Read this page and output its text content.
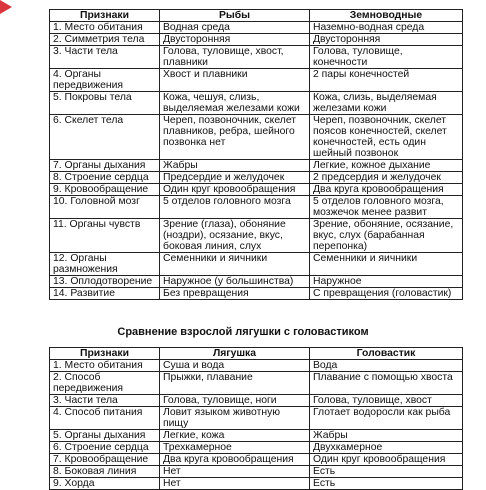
Признаки	Рыбы	Земноводные
1. Место обитания	Водная среда	Наземно-водная среда
2. Симметрия тела	Двусторонняя	Двусторонняя
3. Части тела	Голова, туловище, хвост, плавники	Голова, туловище, конечности
4. Органы передвижения	Хвост и плавники	2 пары конечностей
5. Покровы тела	Кожа, чешуя, слизь, выделяемая железами кожи	Кожа, слизь, выделяемая железами кожи
6. Скелет тела	Череп, позвоночник, скелет плавников, ребра, шейного позвонка нет	Череп, позвоночник, скелет поясов конечностей, скелет конечностей, есть один шейный позвонок
7. Органы дыхания	Жабры	Легкие, кожное дыхание
8. Строение сердца	Предсердие и желудочек	2 предсердия и желудочек
9. Кровообращение	Один круг кровообращения	Два круга кровообращения
10. Головной мозг	5 отделов головного мозга	5 отделов головного мозга, мозжечок менее развит
11. Органы чувств	Зрение (глаза), обоняние (ноздри), осязание, вкус, боковая линия, слух	Зрение, обоняние, осязание, вкус, слух (барабанная перепонка)
12. Органы размножения	Семенники и яичники	Семенники и яичники
13. Оплодотворение	Наружное (у большинства)	Наружное
14. Развитие	Без превращения	С превращения (головастик)
Сравнение взрослой лягушки с головастиком
Признаки	Лягушка	Головастик
1. Место обитания	Суша и вода	Вода
2. Способ передвижения	Прыжки, плавание	Плавание с помощью хвоста
3. Части тела	Голова, туловище, ноги	Голова, туловище, хвост
4. Способ питания	Ловит языком животную пищу	Глотает водоросли как рыба
5. Органы дыхания	Легкие, кожа	Жабры
6. Строение сердца	Трехкамерное	Двухкамерное
7. Кровообращение	Два круга кровообращения	Один круг кровообращения
8. Боковая линия	Нет	Есть
9. Хорда	Нет	Есть
